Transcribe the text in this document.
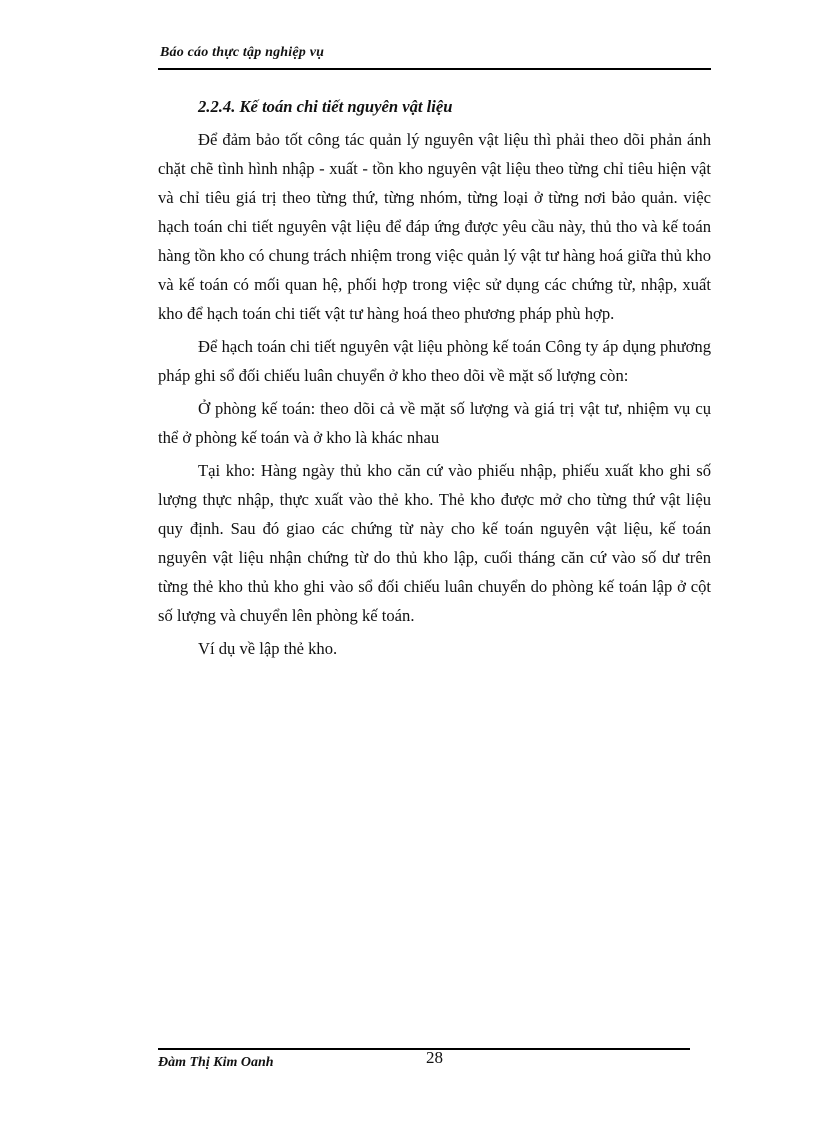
Báo cáo thực tập nghiệp vụ
2.2.4. Kế toán chi tiết nguyên vật liệu

Để đảm bảo tốt công tác quản lý nguyên vật liệu thì phải theo dõi phản ánh chặt chẽ tình hình nhập - xuất - tồn kho nguyên vật liệu theo từng chỉ tiêu hiện vật và chỉ tiêu giá trị theo từng thứ, từng nhóm, từng loại ở từng nơi bảo quản. việc hạch toán chi tiết nguyên vật liệu để đáp ứng được yêu cầu này, thủ tho và kế toán hàng tồn kho có chung trách nhiệm trong việc quản lý vật tư hàng hoá giữa thủ kho và kế toán có mối quan hệ, phối hợp trong việc sử dụng các chứng từ, nhập, xuất kho để hạch toán chi tiết vật tư hàng hoá theo phương pháp phù hợp.

Để hạch toán chi tiết nguyên vật liệu phòng kế toán Công ty áp dụng phương pháp ghi sổ đối chiếu luân chuyển ở kho theo dõi về mặt số lượng còn:

Ở phòng kế toán: theo dõi cả về mặt số lượng và giá trị vật tư, nhiệm vụ cụ thể ở phòng kế toán và ở kho là khác nhau

Tại kho: Hàng ngày thủ kho căn cứ vào phiếu nhập, phiếu xuất kho ghi số lượng thực nhập, thực xuất vào thẻ kho. Thẻ kho được mở cho từng thứ vật liệu quy định. Sau đó giao các chứng từ này cho kế toán nguyên vật liệu, kế toán nguyên vật liệu nhận chứng từ do thủ kho lập, cuối tháng căn cứ vào số dư trên từng thẻ kho thủ kho ghi vào sổ đối chiếu luân chuyển do phòng kế toán lập ở cột số lượng và chuyển lên phòng kế toán.

Ví dụ về lập thẻ kho.

Đàm Thị Kim Oanh	28
